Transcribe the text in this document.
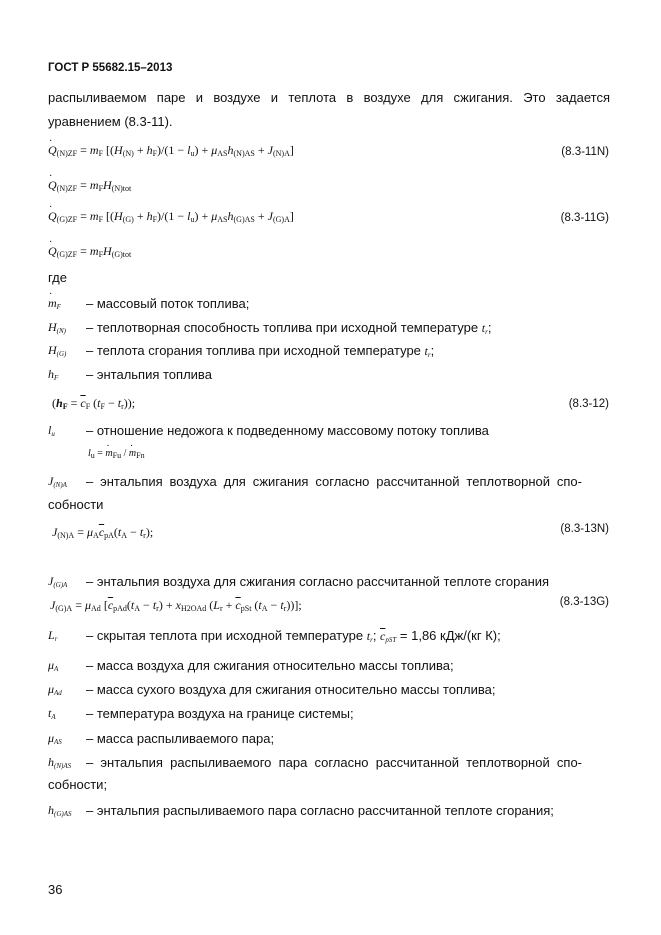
ГОСТ Р 55682.15–2013
распыливаемом паре и воздухе и теплота в воздухе для сжигания. Это задается
уравнением (8.3-11).
· $Q_{(N)ZF} = m_F$ $[(H_{(N)} + h_F)/(1 - l_u) + \mu_{AS}h_{(N)AS} + J_{(N)A}]$	(8.3-11N)
· $Q_{(N)ZF} = m_FH_{(N)tot}$
· $Q_{(G)ZF} = m_F$ $[(H_{(G)} + h_F)/(1 - l_u) + \mu_{AS}h_{(G)AS} + J_{(G)A}]$	(8.3-11G)
· $Q_{(G)ZF} = m_FH_{(G)tot}$
где
· $m_F$ – массовый поток топлива;
$H_{(N)}$ – теплотворная способность топлива при исходной температуре $t_r$;
$H_{(G)}$ – теплота сгорания топлива при исходной температуре $t_r$;
$h_F$ – энтальпия топлива
($h_F = \overline{c}_F$ $(t_F - t_r)$);	(8.3-12)
$l_u$ – отношение недожога к подведенному массовому потоку топлива
$l_u$ = · $m_{Fu}$ / · $m_{Fn}$
$J_{(N)A}$ – энтальпия воздуха для сжигания согласно рассчитанной теплотворной спо-
собности
$J_{(N)A} = \mu_A\overline{c}_{pA}(t_A - t_r)$;	(8.3-13N)
$J_{(G)A}$ – энтальпия воздуха для сжигания согласно рассчитанной теплоте сгорания
$J_{(G)A} = \mu_{Ad}$ [$\overline{c}_{pAd}(t_A - t_r) + x_{H2OAd}$ ($L_r + \overline{c}_{pSt}$ $(t_A - t_r)$)];	(8.3-13G)
$L_r$ – скрытая теплота при исходной температуре $t_r$; $\overline{c}_{pST} = 1,86$ кДж/(кг К);
$\mu_A$ – масса воздуха для сжигания относительно массы топлива;
$\mu_{Ad}$ – масса сухого воздуха для сжигания относительно массы топлива;
$t_A$ – температура воздуха на границе системы;
$\mu_{AS}$ – масса распыливаемого пара;
$h_{(N)AS}$ – энтальпия распыливаемого пара согласно рассчитанной теплотворной спо-
собности;
$h_{(G)AS}$ – энтальпия распыливаемого пара согласно рассчитанной теплоте сгорания;
36
